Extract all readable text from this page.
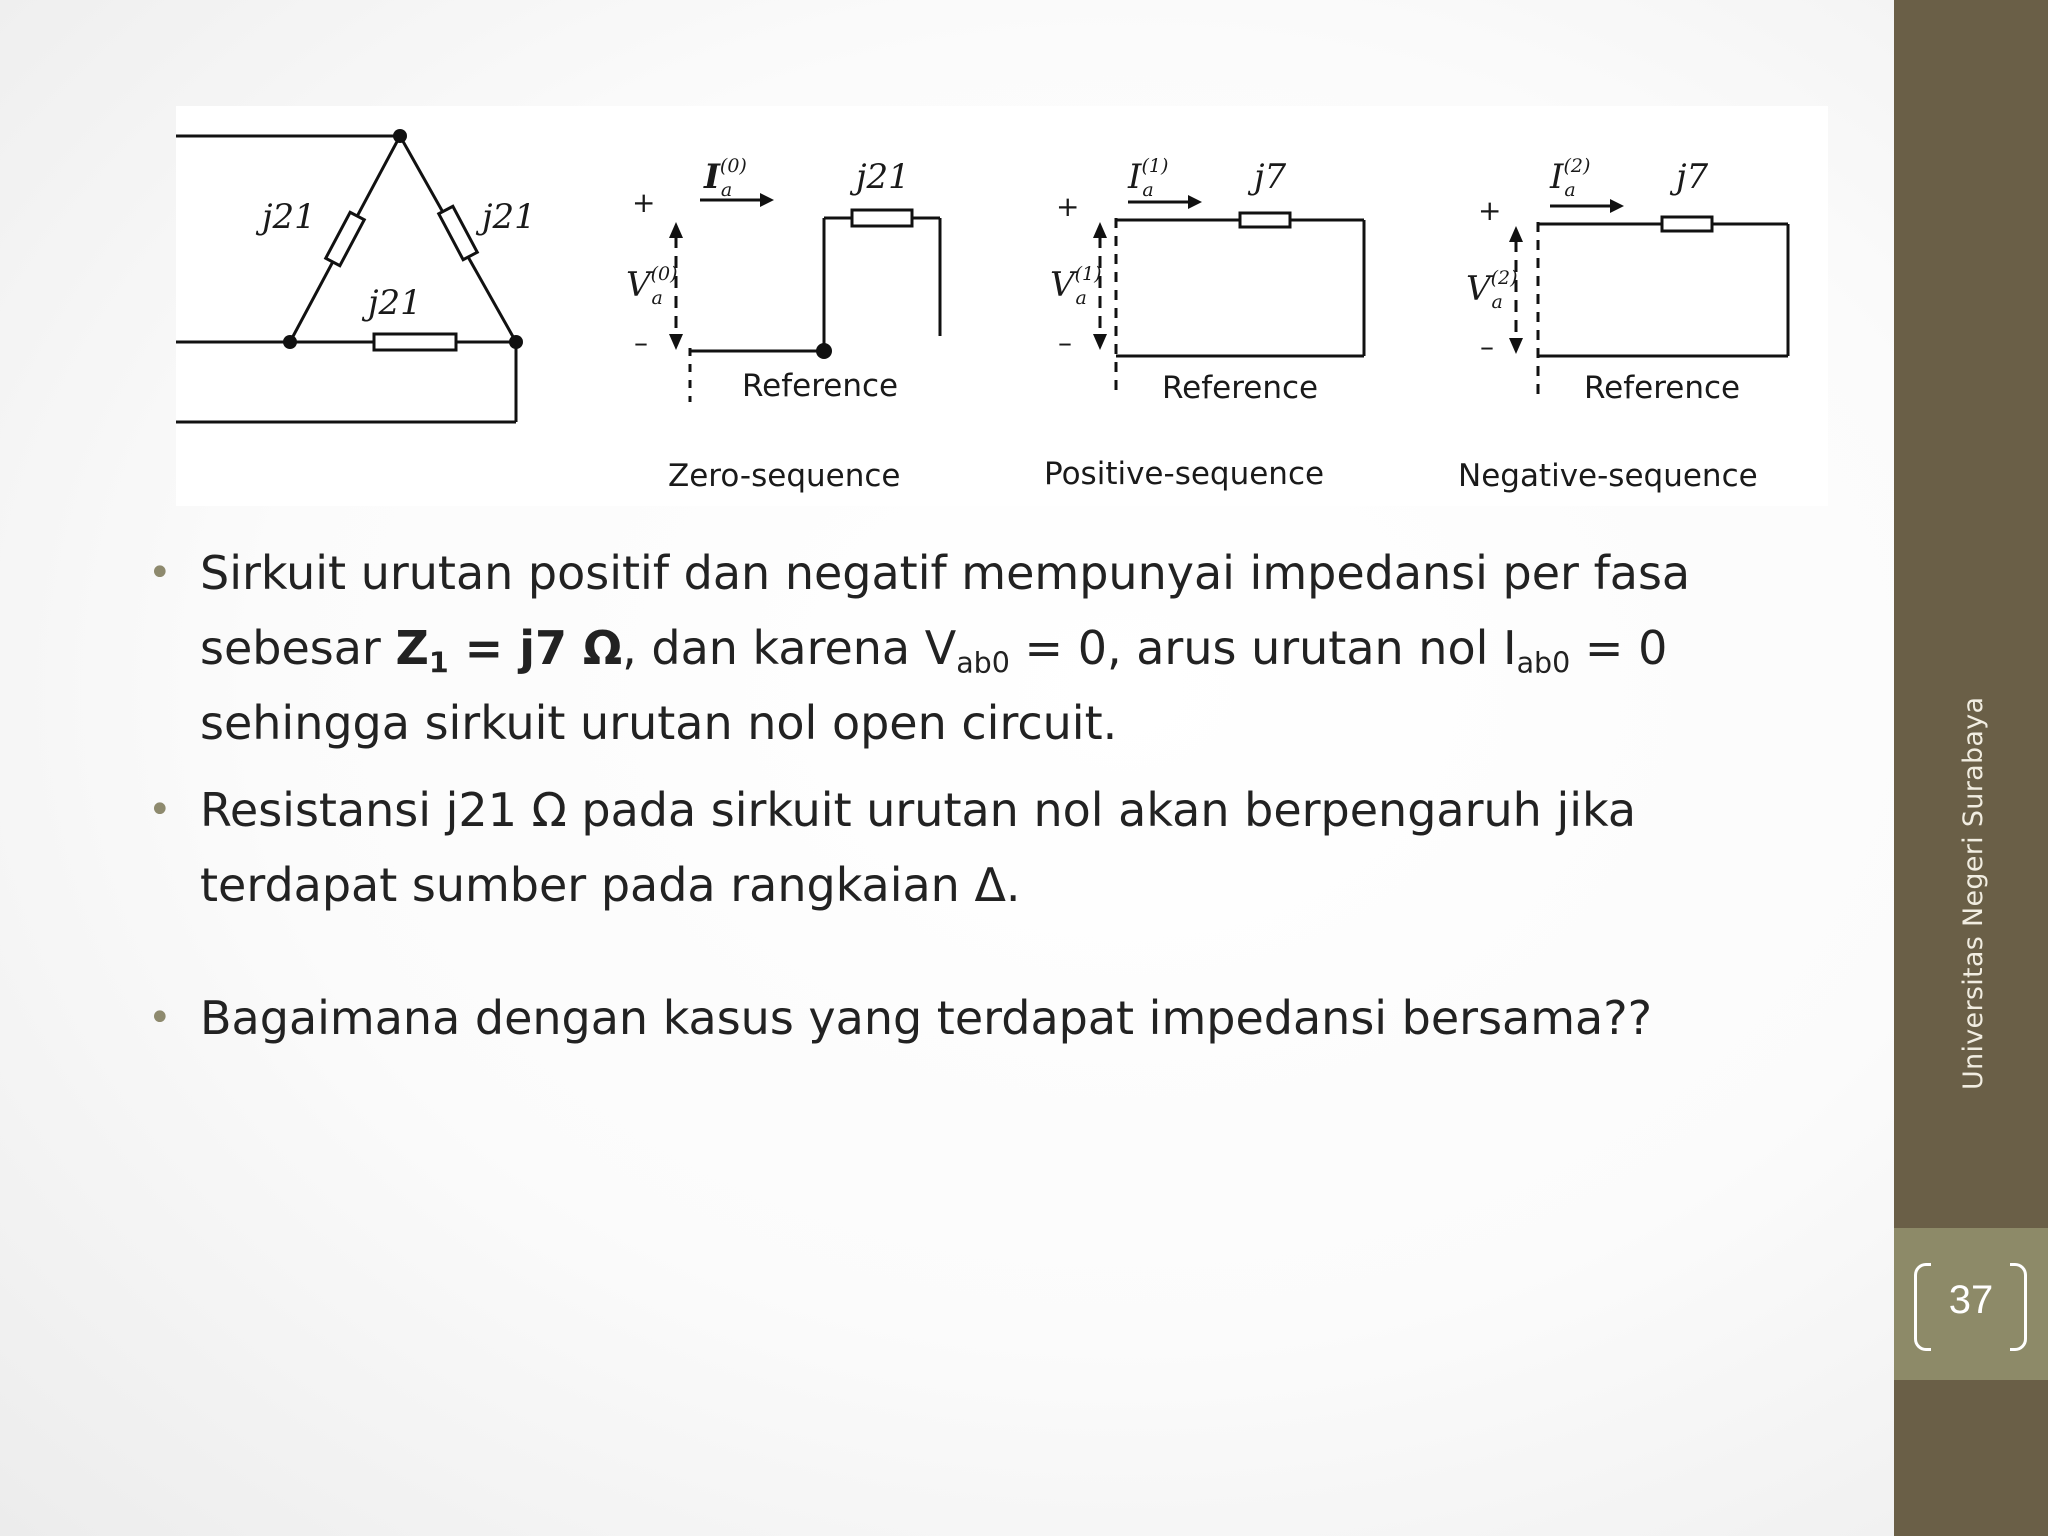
j21	j21
j21
$I^{(0)}$ a	j21
+
–
$V^{(0)}$ a
Reference
Zero-sequence
$I^{(1)}$ a	j7
+
–
$V^{(1)}$ a
Reference
Positive-sequence
$I^{(2)}$ a	j7
+
–
$V^{(2)}$ a
Reference
Negative-sequence
• Sirkuit urutan positif dan negatif mempunyai impedansi per fasa sebesar $Z_1 = j7$ Ω, dan karena $V_{ab0} = 0$, arus urutan nol $I_{ab0} = 0$ sehingga sirkuit urutan nol open circuit.
• Resistansi j21 Ω pada sirkuit urutan nol akan berpengaruh jika terdapat sumber pada rangkaian Δ.
• Bagaimana dengan kasus yang terdapat impedansi bersama??	Universitas Negeri Surabaya
37
